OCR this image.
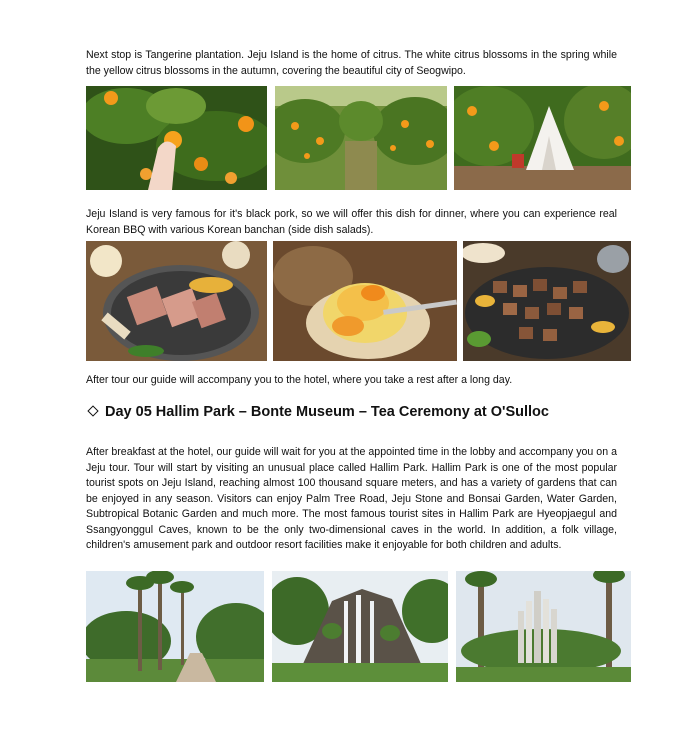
Next stop is Tangerine plantation. Jeju Island is the home of citrus. The white citrus blossoms in the spring while the yellow citrus blossoms in the autumn, covering the beautiful city of Seogwipo.

Jeju Island is very famous for it's black pork, so we will offer this dish for dinner, where you can experience real Korean BBQ with various Korean banchan (side dish salads).

After tour our guide will accompany you to the hotel, where you take a rest after a long day.

Day 05 Hallim Park – Bonte Museum – Tea Ceremony at O'Sulloc

After breakfast at the hotel, our guide will wait for you at the appointed time in the lobby and accompany you on a Jeju tour. Tour will start by visiting an unusual place called Hallim Park. Hallim Park is one of the most popular tourist spots on Jeju Island, reaching almost 100 thousand square meters, and has a variety of gardens that can be enjoyed in any season. Visitors can enjoy Palm Tree Road, Jeju Stone and Bonsai Garden, Water Garden, Subtropical Botanic Garden and much more. The most famous tourist sites in Hallim Park are Hyeopjaegul and Ssangyonggul Caves, known to be the only two-dimensional caves in the world. In addition, a folk village, children's amusement park and outdoor resort facilities make it enjoyable for both children and adults.
